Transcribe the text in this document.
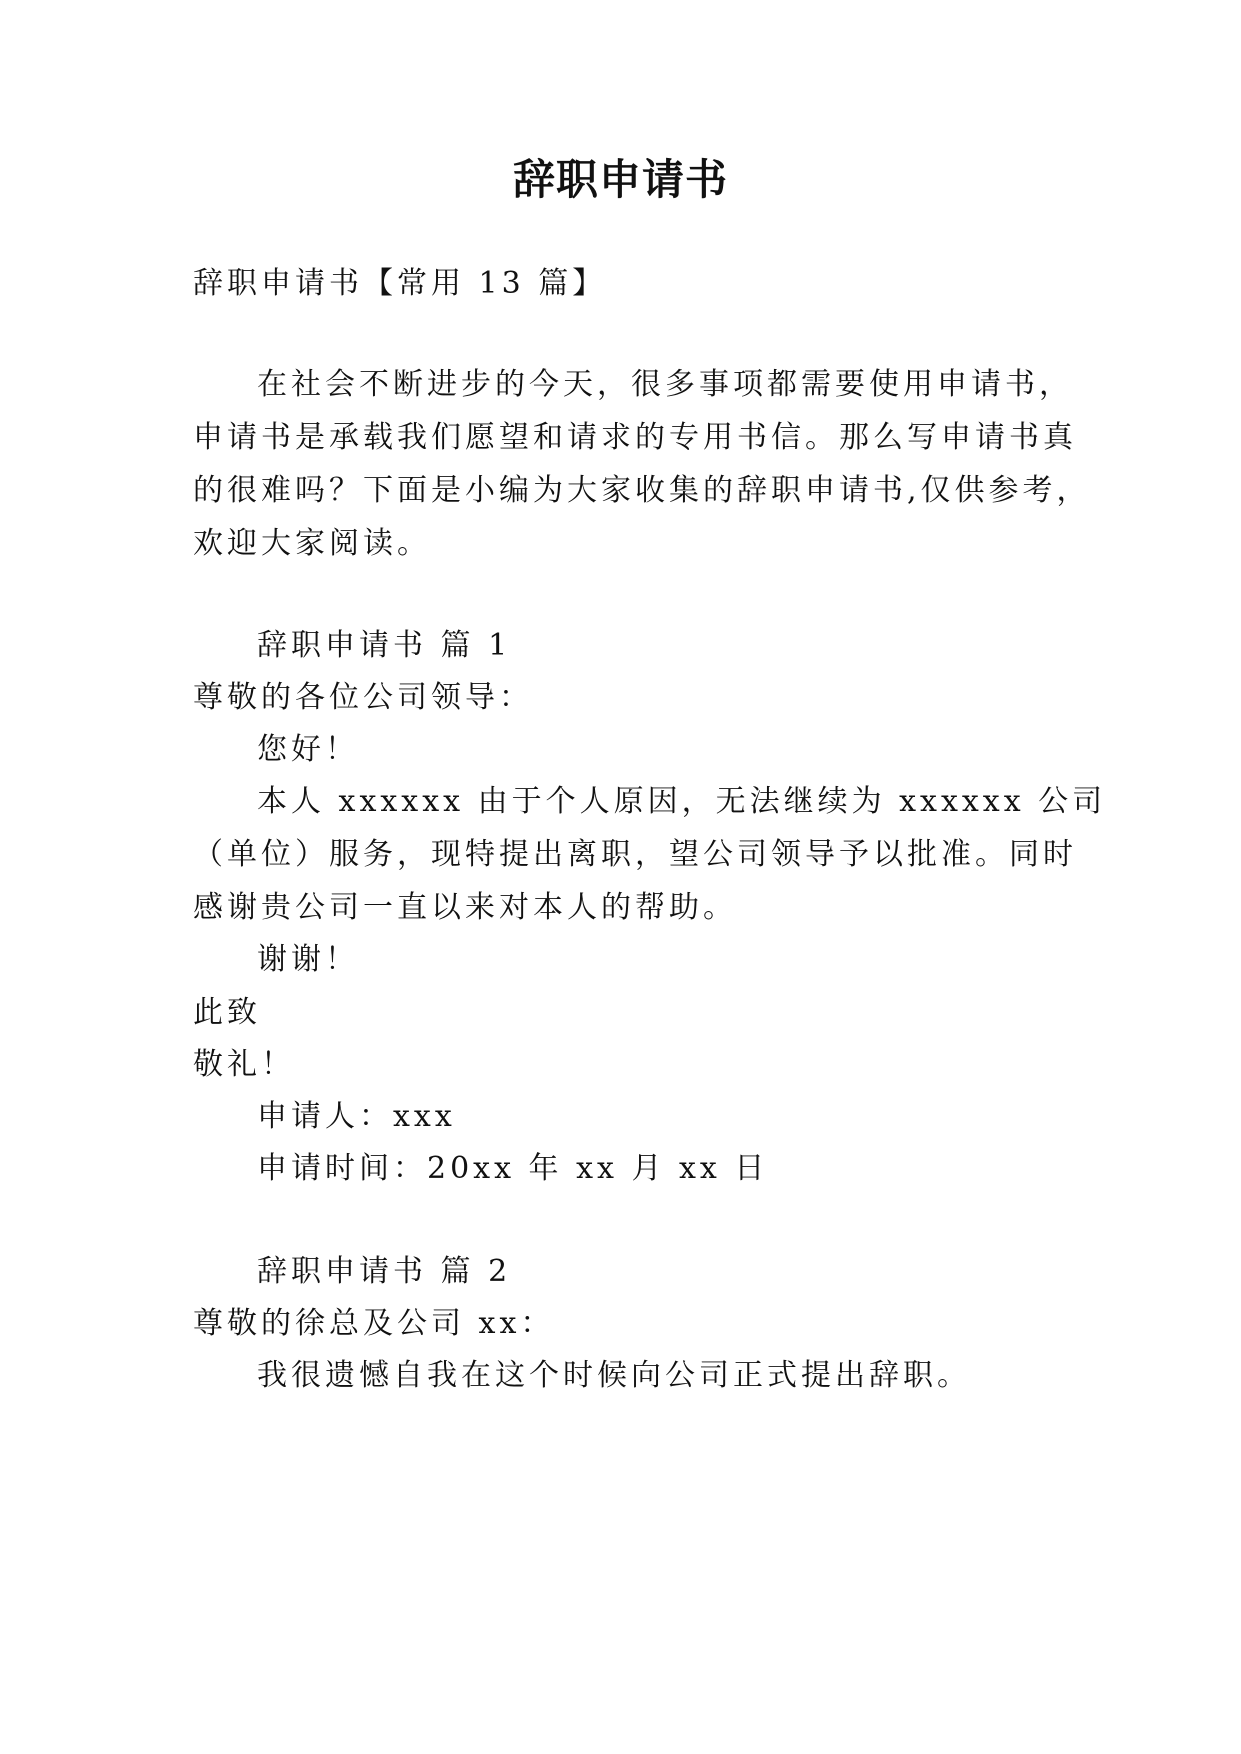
辞职申请书
辞职申请书【常用 13 篇】
在社会不断进步的今天，很多事项都需要使用申请书，
申请书是承载我们愿望和请求的专用书信。那么写申请书真
的很难吗？下面是小编为大家收集的辞职申请书,仅供参考，
欢迎大家阅读。
辞职申请书 篇 1
尊敬的各位公司领导：
您好！
本人 xxxxxx 由于个人原因，无法继续为 xxxxxx 公司
（单位）服务，现特提出离职，望公司领导予以批准。同时
感谢贵公司一直以来对本人的帮助。
谢谢！
此致
敬礼！
申请人：xxx
申请时间：20xx 年 xx 月 xx 日
辞职申请书 篇 2
尊敬的徐总及公司 xx：
我很遗憾自我在这个时候向公司正式提出辞职。
